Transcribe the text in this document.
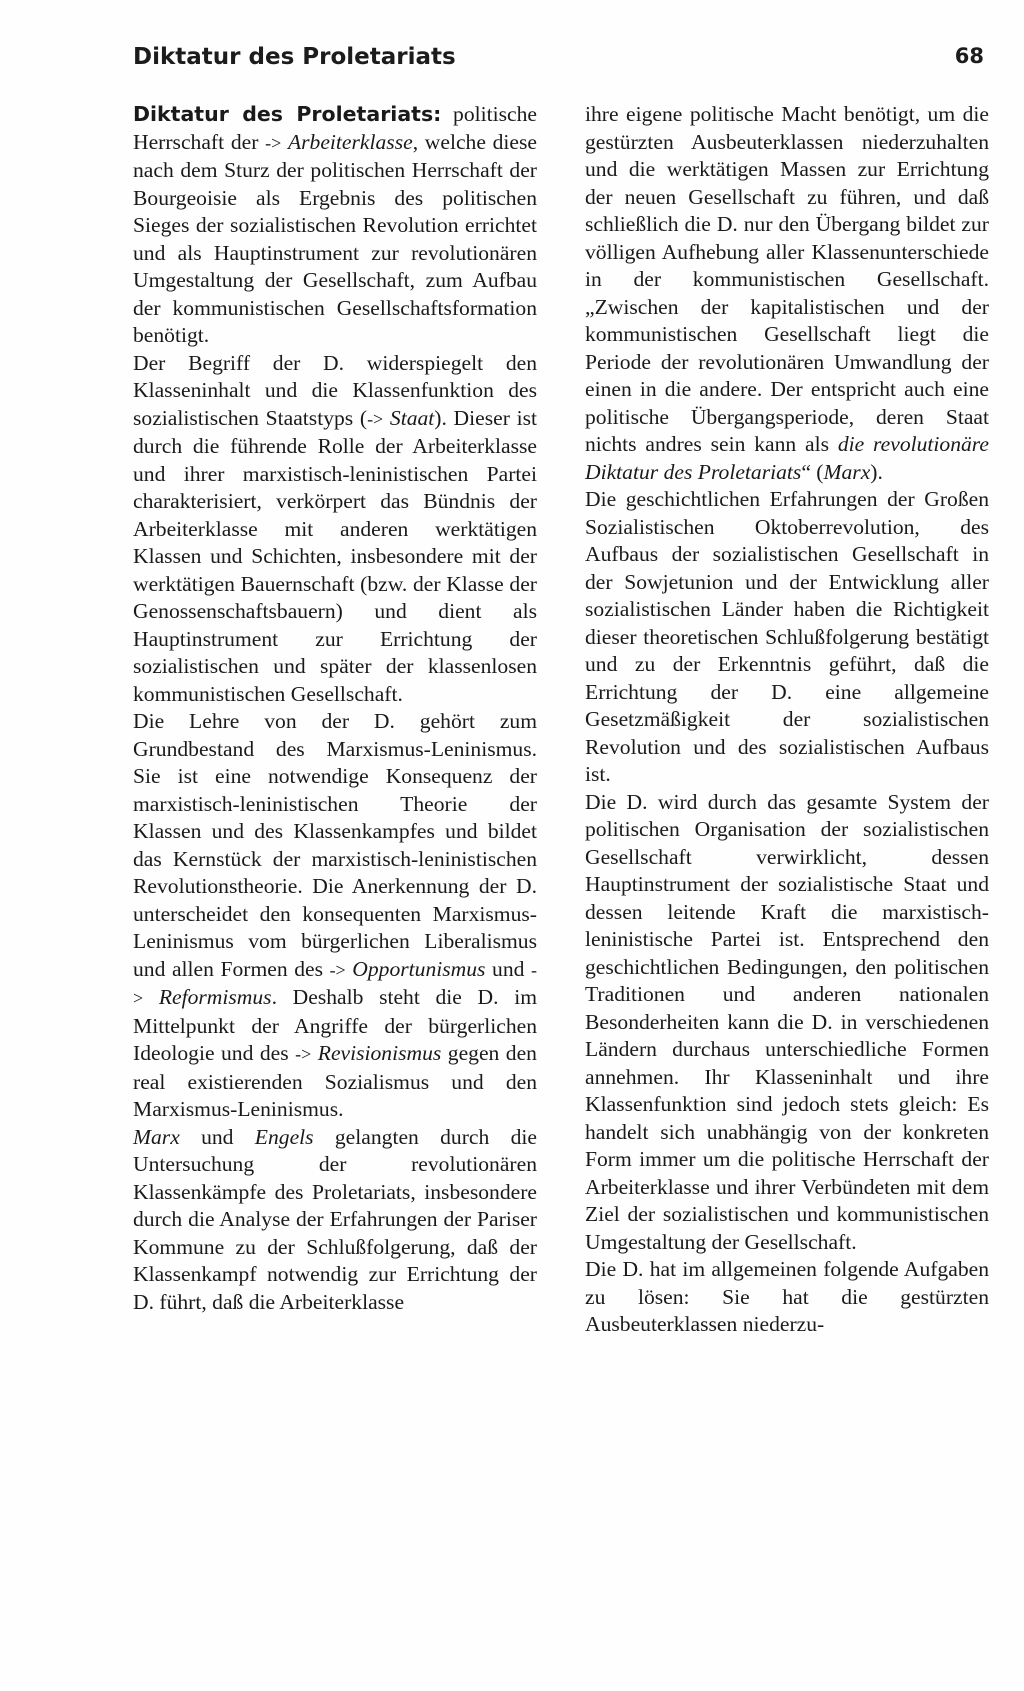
Diktatur des Proletariats	68

Diktatur des Proletariats: politische Herrschaft der -> Arbeiterklasse, welche diese nach dem Sturz der politischen Herrschaft der Bourgeoisie als Ergebnis des politischen Sieges der sozialistischen Revolution errichtet und als Hauptinstrument zur revolutionären Umgestaltung der Gesellschaft, zum Aufbau der kommunistischen Gesellschaftsformation benötigt.

Der Begriff der D. widerspiegelt den Klasseninhalt und die Klassenfunktion des sozialistischen Staatstyps (-> Staat). Dieser ist durch die führende Rolle der Arbeiterklasse und ihrer marxistisch-leninistischen Partei charakterisiert, verkörpert das Bündnis der Arbeiterklasse mit anderen werktätigen Klassen und Schichten, insbesondere mit der werktätigen Bauernschaft (bzw. der Klasse der Genossenschaftsbauern) und dient als Hauptinstrument zur Errichtung der sozialistischen und später der klassenlosen kommunistischen Gesellschaft.

Die Lehre von der D. gehört zum Grundbestand des Marxismus-Leninismus. Sie ist eine notwendige Konsequenz der marxistisch-leninistischen Theorie der Klassen und des Klassenkampfes und bildet das Kernstück der marxistisch-leninistischen Revolutionstheorie. Die Anerkennung der D. unterscheidet den konsequenten Marxismus-Leninismus vom bürgerlichen Liberalismus und allen Formen des -> Opportunismus und -> Reformismus. Deshalb steht die D. im Mittelpunkt der Angriffe der bürgerlichen Ideologie und des -> Revisionismus gegen den real existierenden Sozialismus und den Marxismus-Leninismus.

Marx und Engels gelangten durch die Untersuchung der revolutionären Klassenkämpfe des Proletariats, insbesondere durch die Analyse der Erfahrungen der Pariser Kommune zu der Schlußfolgerung, daß der Klassenkampf notwendig zur Errichtung der D. führt, daß die Arbeiterklasse

ihre eigene politische Macht benötigt, um die gestürzten Ausbeuterklassen niederzuhalten und die werktätigen Massen zur Errichtung der neuen Gesellschaft zu führen, und daß schließlich die D. nur den Übergang bildet zur völligen Aufhebung aller Klassenunterschiede in der kommunistischen Gesellschaft. „Zwischen der kapitalistischen und der kommunistischen Gesellschaft liegt die Periode der revolutionären Umwandlung der einen in die andere. Der entspricht auch eine politische Übergangsperiode, deren Staat nichts andres sein kann als die revolutionäre Diktatur des Proletariats“ (Marx).

Die geschichtlichen Erfahrungen der Großen Sozialistischen Oktoberrevolution, des Aufbaus der sozialistischen Gesellschaft in der Sowjetunion und der Entwicklung aller sozialistischen Länder haben die Richtigkeit dieser theoretischen Schlußfolgerung bestätigt und zu der Erkenntnis geführt, daß die Errichtung der D. eine allgemeine Gesetzmäßigkeit der sozialistischen Revolution und des sozialistischen Aufbaus ist.

Die D. wird durch das gesamte System der politischen Organisation der sozialistischen Gesellschaft verwirklicht, dessen Hauptinstrument der sozialistische Staat und dessen leitende Kraft die marxistisch-leninistische Partei ist. Entsprechend den geschichtlichen Bedingungen, den politischen Traditionen und anderen nationalen Besonderheiten kann die D. in verschiedenen Ländern durchaus unterschiedliche Formen annehmen. Ihr Klasseninhalt und ihre Klassenfunktion sind jedoch stets gleich: Es handelt sich unabhängig von der konkreten Form immer um die politische Herrschaft der Arbeiterklasse und ihrer Verbündeten mit dem Ziel der sozialistischen und kommunistischen Umgestaltung der Gesellschaft.

Die D. hat im allgemeinen folgende Aufgaben zu lösen: Sie hat die gestürzten Ausbeuterklassen niederzu-
